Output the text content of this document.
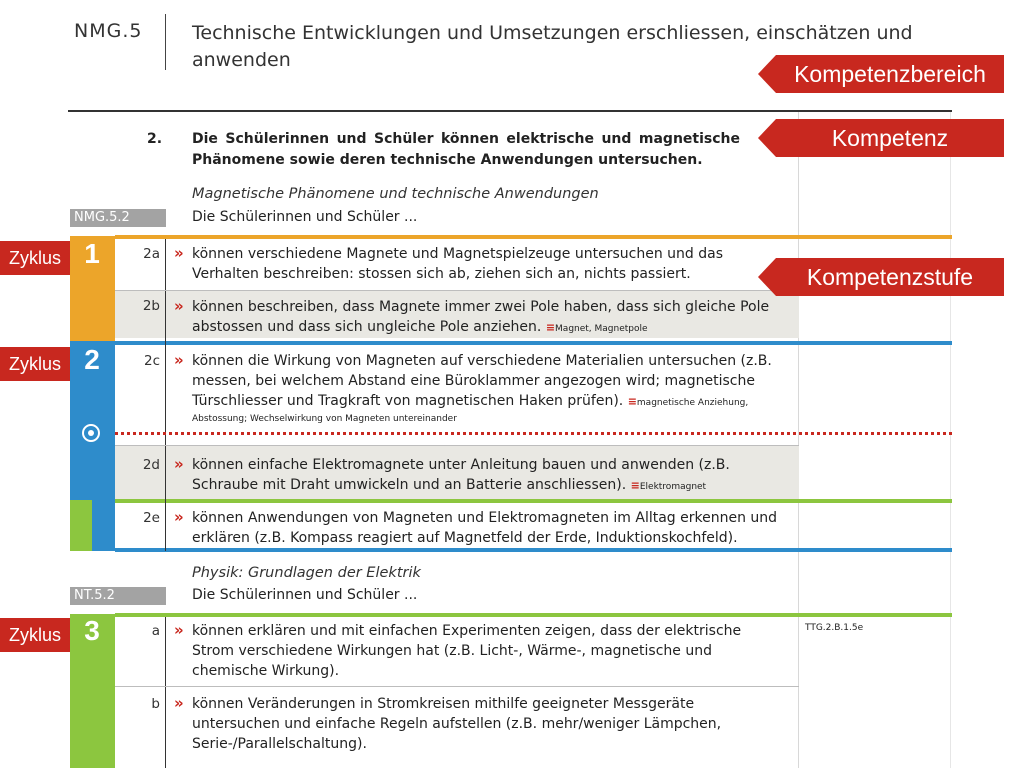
NMG.5	Technische Entwicklungen und Umsetzungen erschliessen, einschätzen und anwenden
Kompetenzbereich
2. Die Schülerinnen und Schüler können elektrische und magnetische Phänomene sowie deren technische Anwendungen untersuchen.
Kompetenz
Magnetische Phänomene und technische Anwendungen
NMG.5.2	Die Schülerinnen und Schüler ...
Zyklus 1
Zyklus 2
Zyklus 3
Kompetenzstufe
2a » können verschiedene Magnete und Magnetspielzeuge untersuchen und das Verhalten beschreiben: stossen sich ab, ziehen sich an, nichts passiert.
2b » können beschreiben, dass Magnete immer zwei Pole haben, dass sich gleiche Pole abstossen und dass sich ungleiche Pole anziehen. ≡Magnet, Magnetpole
2c » können die Wirkung von Magneten auf verschiedene Materialien untersuchen (z.B. messen, bei welchem Abstand eine Büroklammer angezogen wird; magnetische Türschliesser und Tragkraft von magnetischen Haken prüfen). ≡magnetische Anziehung,
Abstossung; Wechselwirkung von Magneten untereinander
2d » können einfache Elektromagnete unter Anleitung bauen und anwenden (z.B. Schraube mit Draht umwickeln und an Batterie anschliessen). ≡Elektromagnet
2e » können Anwendungen von Magneten und Elektromagneten im Alltag erkennen und erklären (z.B. Kompass reagiert auf Magnetfeld der Erde, Induktionskochfeld).
Physik: Grundlagen der Elektrik
NT.5.2	Die Schülerinnen und Schüler ...
a » können erklären und mit einfachen Experimenten zeigen, dass der elektrische Strom verschiedene Wirkungen hat (z.B. Licht-, Wärme-, magnetische und chemische Wirkung).
TTG.2.B.1.5e
b » können Veränderungen in Stromkreisen mithilfe geeigneter Messgeräte untersuchen und einfache Regeln aufstellen (z.B. mehr/weniger Lämpchen, Serie-/Parallelschaltung).
